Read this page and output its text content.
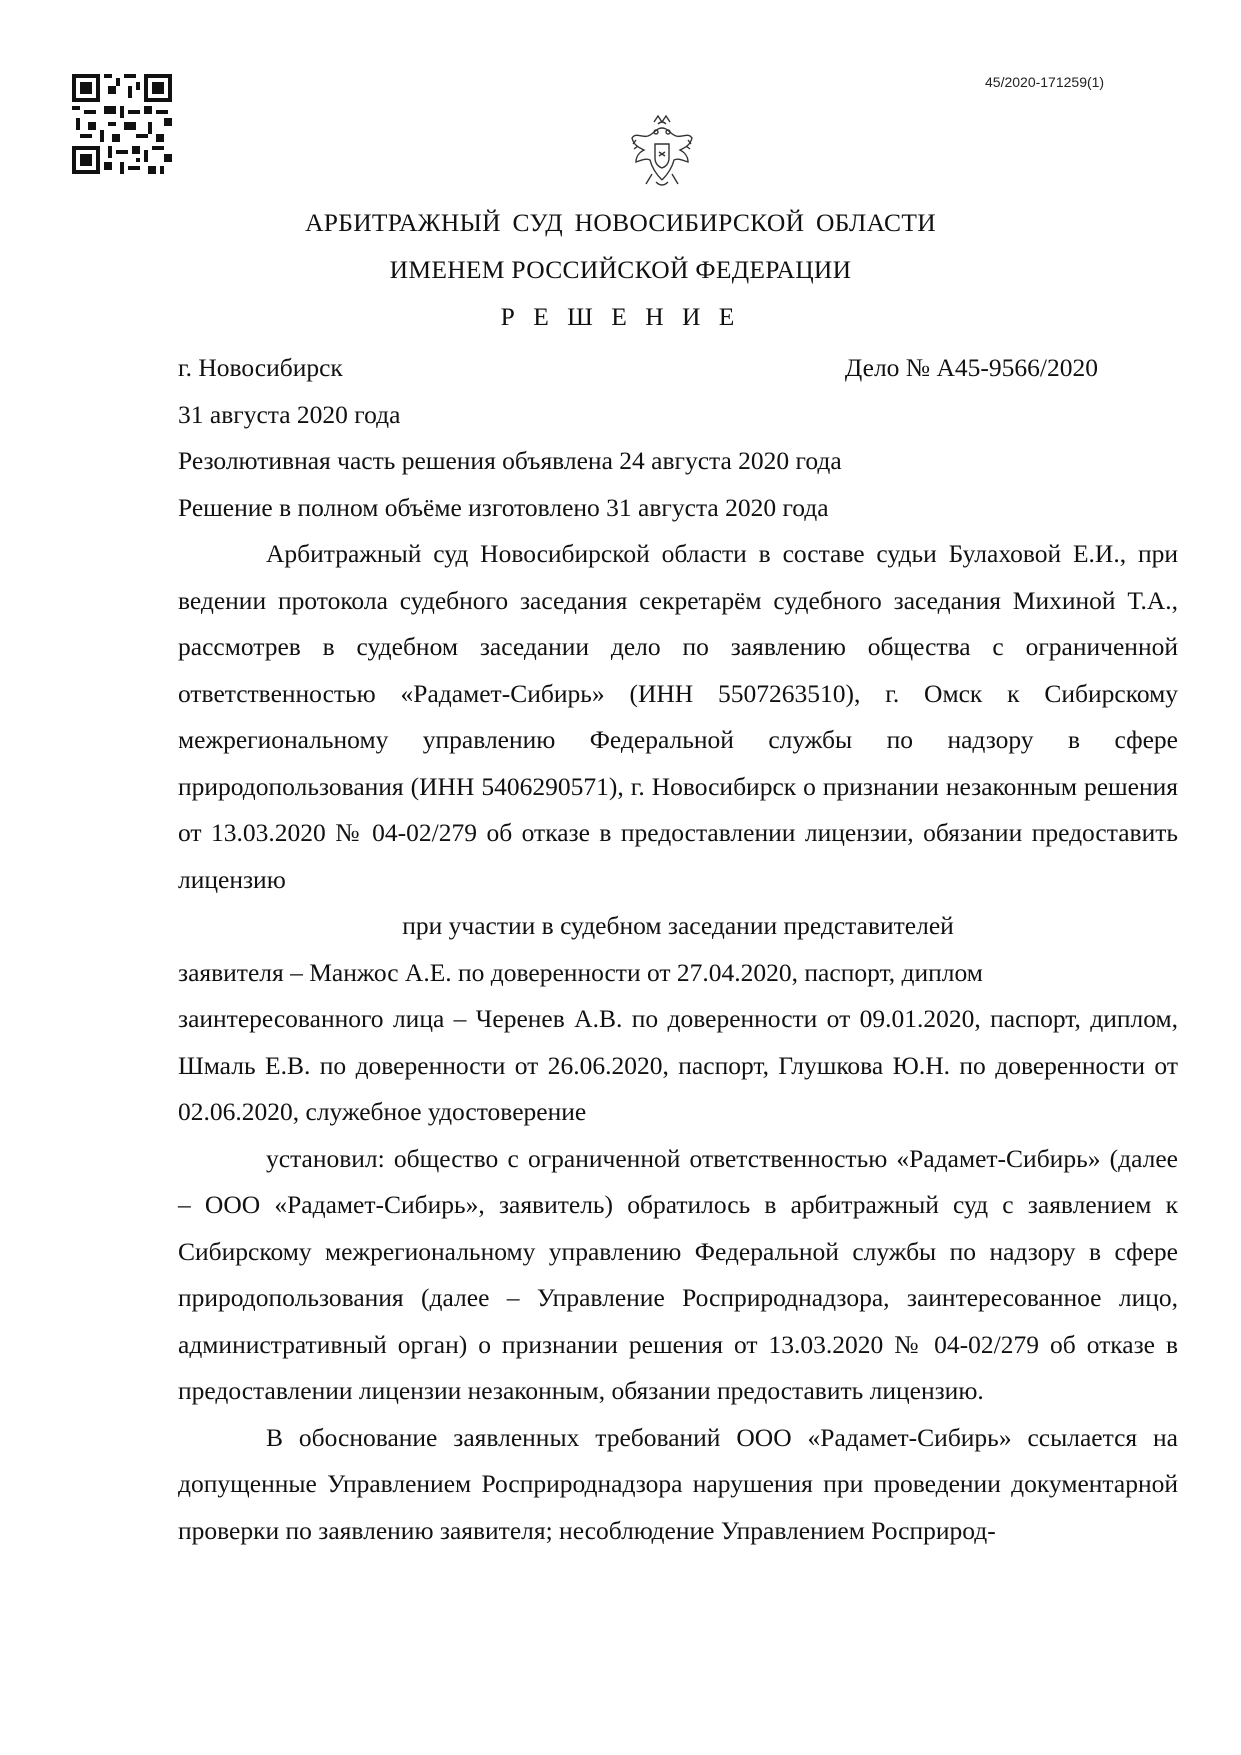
45/2020-171259(1)
АРБИТРАЖНЫЙ СУД НОВОСИБИРСКОЙ ОБЛАСТИ
ИМЕНЕМ РОССИЙСКОЙ ФЕДЕРАЦИИ
Р Е Ш Е Н И Е
г. Новосибирск	Дело № А45-9566/2020
31 августа 2020 года
Резолютивная часть решения объявлена 24 августа 2020 года
Решение в полном объёме изготовлено 31 августа 2020 года

Арбитражный суд Новосибирской области в составе судьи Булаховой Е.И., при ведении протокола судебного заседания секретарём судебного заседания Михиной Т.А., рассмотрев в судебном заседании дело по заявлению общества с ограниченной ответственностью «Радамет-Сибирь» (ИНН 5507263510), г. Омск к Сибирскому межрегиональному управлению Федеральной службы по надзору в сфере природопользования (ИНН 5406290571), г. Новосибирск о признании незаконным решения от 13.03.2020 № 04-02/279 об отказе в предоставлении лицензии, обязании предоставить лицензию

при участии в судебном заседании представителей

заявителя – Манжос А.Е. по доверенности от 27.04.2020, паспорт, диплом

заинтересованного лица – Черенев А.В. по доверенности от 09.01.2020, паспорт, диплом, Шмаль Е.В. по доверенности от 26.06.2020, паспорт, Глушкова Ю.Н. по доверенности от 02.06.2020, служебное удостоверение

установил: общество с ограниченной ответственностью «Радамет-Сибирь» (далее – ООО «Радамет-Сибирь», заявитель) обратилось в арбитражный суд с заявлением к Сибирскому межрегиональному управлению Федеральной службы по надзору в сфере природопользования (далее – Управление Росприроднадзора, заинтересованное лицо, административный орган) о признании решения от 13.03.2020 № 04-02/279 об отказе в предоставлении лицензии незаконным, обязании предоставить лицензию.

В обоснование заявленных требований ООО «Радамет-Сибирь» ссылается на допущенные Управлением Росприроднадзора нарушения при проведении документарной проверки по заявлению заявителя; несоблюдение Управлением Росприрод-
